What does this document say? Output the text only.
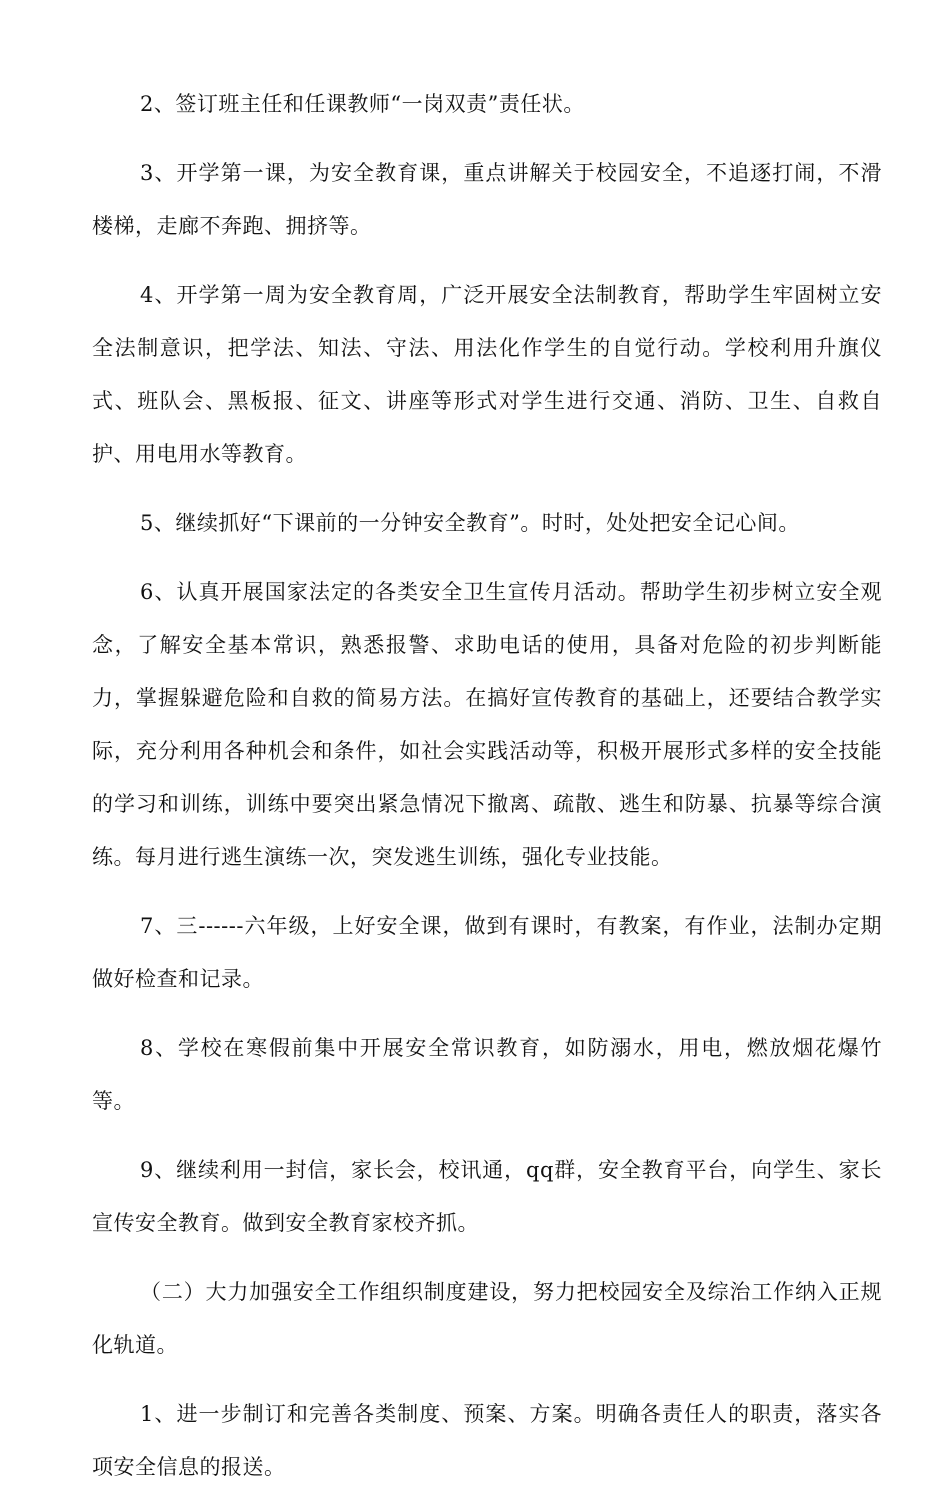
2、签订班主任和任课教师“一岗双责”责任状。

3、开学第一课，为安全教育课，重点讲解关于校园安全，不追逐打闹，不滑楼梯，走廊不奔跑、拥挤等。

4、开学第一周为安全教育周，广泛开展安全法制教育，帮助学生牢固树立安全法制意识，把学法、知法、守法、用法化作学生的自觉行动。学校利用升旗仪式、班队会、黑板报、征文、讲座等形式对学生进行交通、消防、卫生、自救自护、用电用水等教育。

5、继续抓好“下课前的一分钟安全教育”。时时，处处把安全记心间。

6、认真开展国家法定的各类安全卫生宣传月活动。帮助学生初步树立安全观念，了解安全基本常识，熟悉报警、求助电话的使用，具备对危险的初步判断能力，掌握躲避危险和自救的简易方法。在搞好宣传教育的基础上，还要结合教学实际，充分利用各种机会和条件，如社会实践活动等，积极开展形式多样的安全技能的学习和训练，训练中要突出紧急情况下撤离、疏散、逃生和防暴、抗暴等综合演练。每月进行逃生演练一次，突发逃生训练，强化专业技能。

7、三------六年级，上好安全课，做到有课时，有教案，有作业，法制办定期做好检查和记录。

8、学校在寒假前集中开展安全常识教育，如防溺水，用电，燃放烟花爆竹等。

9、继续利用一封信，家长会，校讯通，qq群，安全教育平台，向学生、家长宣传安全教育。做到安全教育家校齐抓。

（二）大力加强安全工作组织制度建设，努力把校园安全及综治工作纳入正规化轨道。

1、进一步制订和完善各类制度、预案、方案。明确各责任人的职责，落实各项安全信息的报送。
